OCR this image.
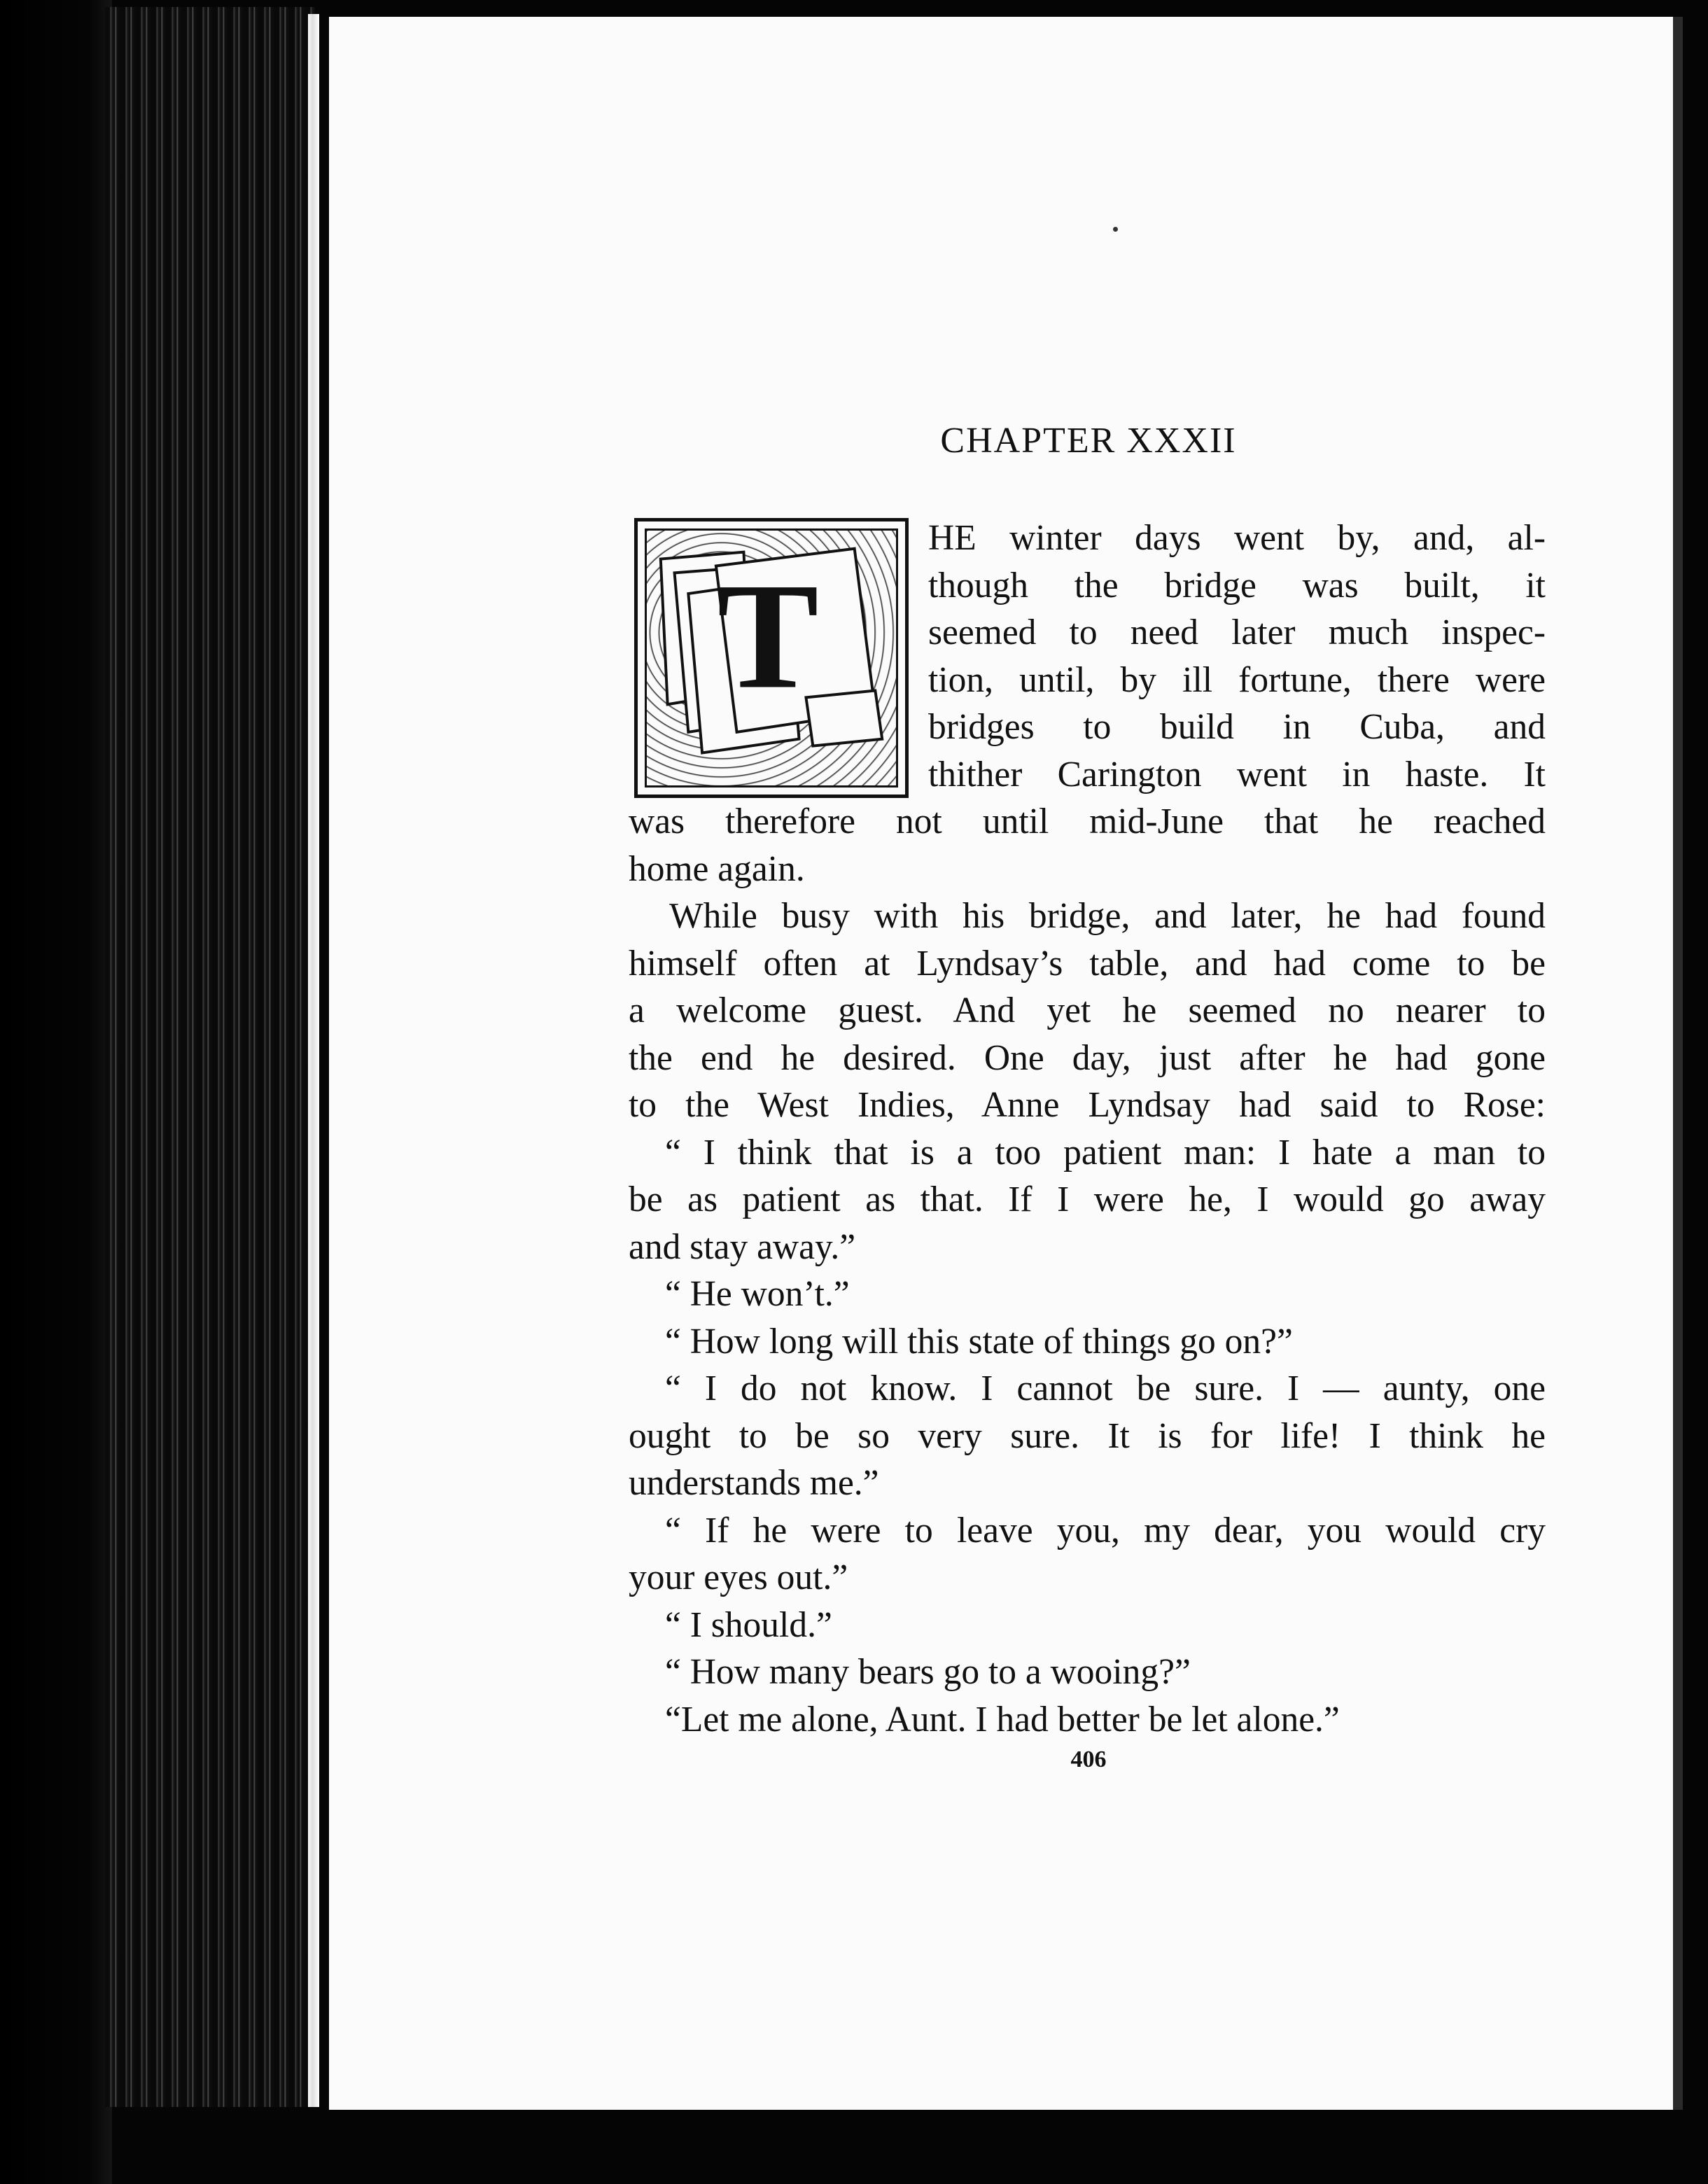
CHAPTER XXXII
T
HE winter days went by, and, al-
though the bridge was built, it
seemed to need later much inspec-
tion, until, by ill fortune, there were
bridges to build in Cuba, and
thither Carington went in haste. It
was therefore not until mid-June that he reached
home again.
While busy with his bridge, and later, he had found
himself often at Lyndsay’s table, and had come to be
a welcome guest. And yet he seemed no nearer to
the end he desired. One day, just after he had gone
to the West Indies, Anne Lyndsay had said to Rose:
“ I think that is a too patient man: I hate a man to
be as patient as that. If I were he, I would go away
and stay away.”
“ He won’t.”
“ How long will this state of things go on?”
“ I do not know. I cannot be sure. I — aunty, one
ought to be so very sure. It is for life! I think he
understands me.”
“ If he were to leave you, my dear, you would cry
your eyes out.”
“ I should.”
“ How many bears go to a wooing?”
“Let me alone, Aunt. I had better be let alone.”
406
